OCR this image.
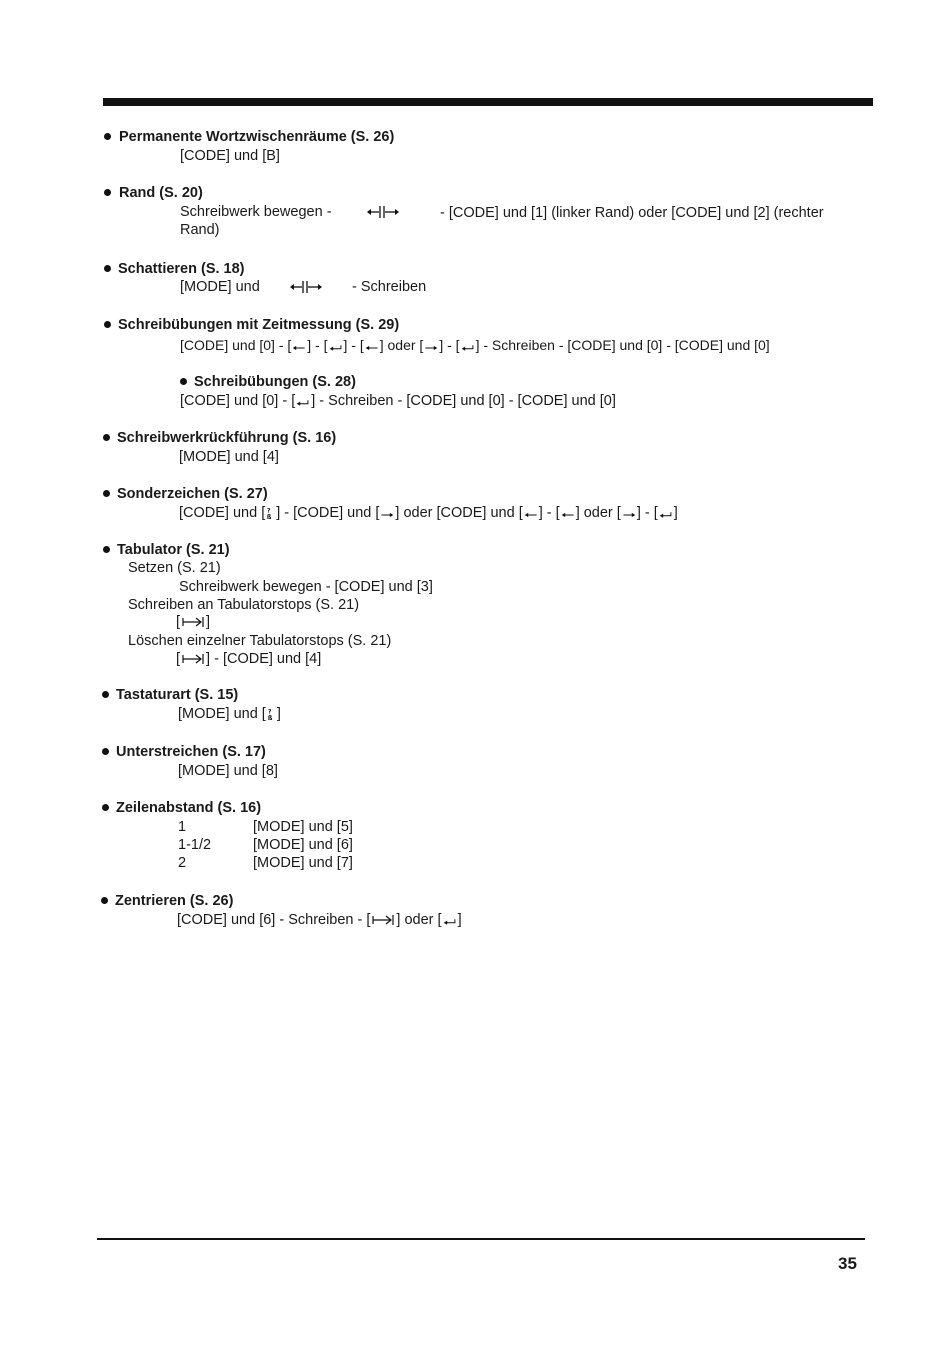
Permanente Wortzwischenräume (S. 26)
[CODE] und [B]
Rand (S. 20)
Schreibwerk bewegen -	- [CODE] und [1] (linker Rand) oder [CODE] und [2] (rechter
Rand)
Schattieren (S. 18)
[MODE] und	- Schreiben
Schreibübungen mit Zeitmessung (S. 29)
[CODE] und [0] - [ ] - [ ] - [ ] oder [ ] - [ ] - Schreiben - [CODE] und [0] - [CODE] und [0]
Schreibübungen (S. 28)
[CODE] und [0] - [ ] - Schreiben - [CODE] und [0] - [CODE] und [0]
Schreibwerkrückführung (S. 16)
[MODE] und [4]
Sonderzeichen (S. 27)
[CODE] und [ ] - [CODE] und [ ] oder [CODE] und [ ] - [ ] oder [ ] - [ ]
Tabulator (S. 21)
Setzen (S. 21)
Schreibwerk bewegen - [CODE] und [3]
Schreiben an Tabulatorstops (S. 21)
[ ]
Löschen einzelner Tabulatorstops (S. 21)
[ ] - [CODE] und [4]
Tastaturart (S. 15)
[MODE] und [ ]
Unterstreichen (S. 17)
[MODE] und [8]
Zeilenabstand (S. 16)
1	[MODE] und [5]
1-1/2	[MODE] und [6]
2	[MODE] und [7]
Zentrieren (S. 26)
[CODE] und [6] - Schreiben - [ ] oder [ ]
35
